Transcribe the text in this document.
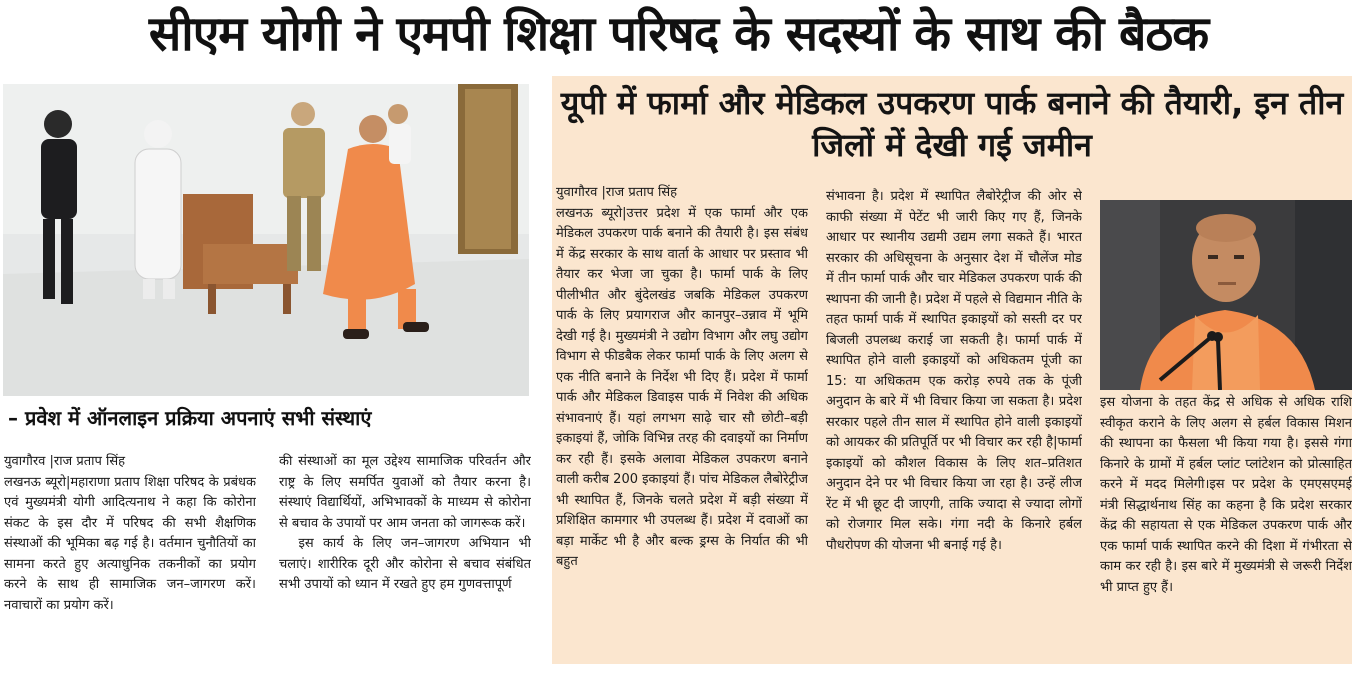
सीएम योगी ने एमपी शिक्षा परिषद के सदस्यों के साथ की बैठक
– प्रवेश में ऑनलाइन प्रक्रिया अपनाएं सभी संस्थाएं
युवागौरव |राज प्रताप सिंह

लखनऊ ब्यूरो|महाराणा प्रताप शिक्षा परिषद के प्रबंधक एवं मुख्यमंत्री योगी आदित्यनाथ ने कहा कि कोरोना संकट के इस दौर में परिषद की सभी शैक्षणिक संस्थाओं की भूमिका बढ़ गई है। वर्तमान चुनौतियों का सामना करते हुए अत्याधुनिक तकनीकों का प्रयोग करने के साथ ही सामाजिक जन–जागरण करें। नवाचारों का प्रयोग करें।

की संस्थाओं का मूल उद्देश्य सामाजिक परिवर्तन और राष्ट्र के लिए समर्पित युवाओं को तैयार करना है। संस्थाएं विद्यार्थियों, अभिभावकों के माध्यम से कोरोना से बचाव के उपायों पर आम जनता को जागरूक करें।

इस कार्य के लिए जन–जागरण अभियान भी चलाएं। शारीरिक दूरी और कोरोना से बचाव संबंधित सभी उपायों को ध्यान में रखते हुए हम गुणवत्तापूर्ण

यूपी में फार्मा और मेडिकल उपकरण पार्क बनाने की तैयारी, इन तीन जिलों में देखी गई जमीन
युवागौरव |राज प्रताप सिंह

लखनऊ ब्यूरो|उत्तर प्रदेश में एक फार्मा और एक मेडिकल उपकरण पार्क बनाने की तैयारी है। इस संबंध में केंद्र सरकार के साथ वार्ता के आधार पर प्रस्ताव भी तैयार कर भेजा जा चुका है। फार्मा पार्क के लिए पीलीभीत और बुंदेलखंड जबकि मेडिकल उपकरण पार्क के लिए प्रयागराज और कानपुर–उन्नाव में भूमि देखी गई है। मुख्यमंत्री ने उद्योग विभाग और लघु उद्योग विभाग से फीडबैक लेकर फार्मा पार्क के लिए अलग से एक नीति बनाने के निर्देश भी दिए हैं। प्रदेश में फार्मा पार्क और मेडिकल डिवाइस पार्क में निवेश की अधिक संभावनाएं हैं। यहां लगभग साढ़े चार सौ छोटी–बड़ी इकाइयां हैं, जोकि विभिन्न तरह की दवाइयों का निर्माण कर रही हैं। इसके अलावा मेडिकल उपकरण बनाने वाली करीब 200 इकाइयां हैं। पांच मेडिकल लैबोरेट्रीज भी स्थापित हैं, जिनके चलते प्रदेश में बड़ी संख्या में प्रशिक्षित कामगार भी उपलब्ध हैं। प्रदेश में दवाओं का बड़ा मार्केट भी है और बल्क ड्रग्स के निर्यात की भी बहुत

संभावना है। प्रदेश में स्थापित लैबोरेट्रीज की ओर से काफी संख्या में पेटेंट भी जारी किए गए हैं, जिनके आधार पर स्थानीय उद्यमी उद्यम लगा सकते हैं। भारत सरकार की अधिसूचना के अनुसार देश में चौलेंज मोड में तीन फार्मा पार्क और चार मेडिकल उपकरण पार्क की स्थापना की जानी है। प्रदेश में पहले से विद्यमान नीति के तहत फार्मा पार्क में स्थापित इकाइयों को सस्ती दर पर बिजली उपलब्ध कराई जा सकती है। फार्मा पार्क में स्थापित होने वाली इकाइयों को अधिकतम पूंजी का 15: या अधिकतम एक करोड़ रुपये तक के पूंजी अनुदान के बारे में भी विचार किया जा सकता है। प्रदेश सरकार पहले तीन साल में स्थापित होने वाली इकाइयों को आयकर की प्रतिपूर्ति पर भी विचार कर रही है|फार्मा इकाइयों को कौशल विकास के लिए शत–प्रतिशत अनुदान देने पर भी विचार किया जा रहा है। उन्हें लीज रेंट में भी छूट दी जाएगी, ताकि ज्यादा से ज्यादा लोगों को रोजगार मिल सके। गंगा नदी के किनारे हर्बल पौधरोपण की योजना भी बनाई गई है।

इस योजना के तहत केंद्र से अधिक से अधिक राशि स्वीकृत कराने के लिए अलग से हर्बल विकास मिशन की स्थापना का फैसला भी किया गया है। इससे गंगा किनारे के ग्रामों में हर्बल प्लांट प्लांटेशन को प्रोत्साहित करने में मदद मिलेगी।इस पर प्रदेश के एमएसएमई मंत्री सिद्धार्थनाथ सिंह का कहना है कि प्रदेश सरकार केंद्र की सहायता से एक मेडिकल उपकरण पार्क और एक फार्मा पार्क स्थापित करने की दिशा में गंभीरता से काम कर रही है। इस बारे में मुख्यमंत्री से जरूरी निर्देश भी प्राप्त हुए हैं।
